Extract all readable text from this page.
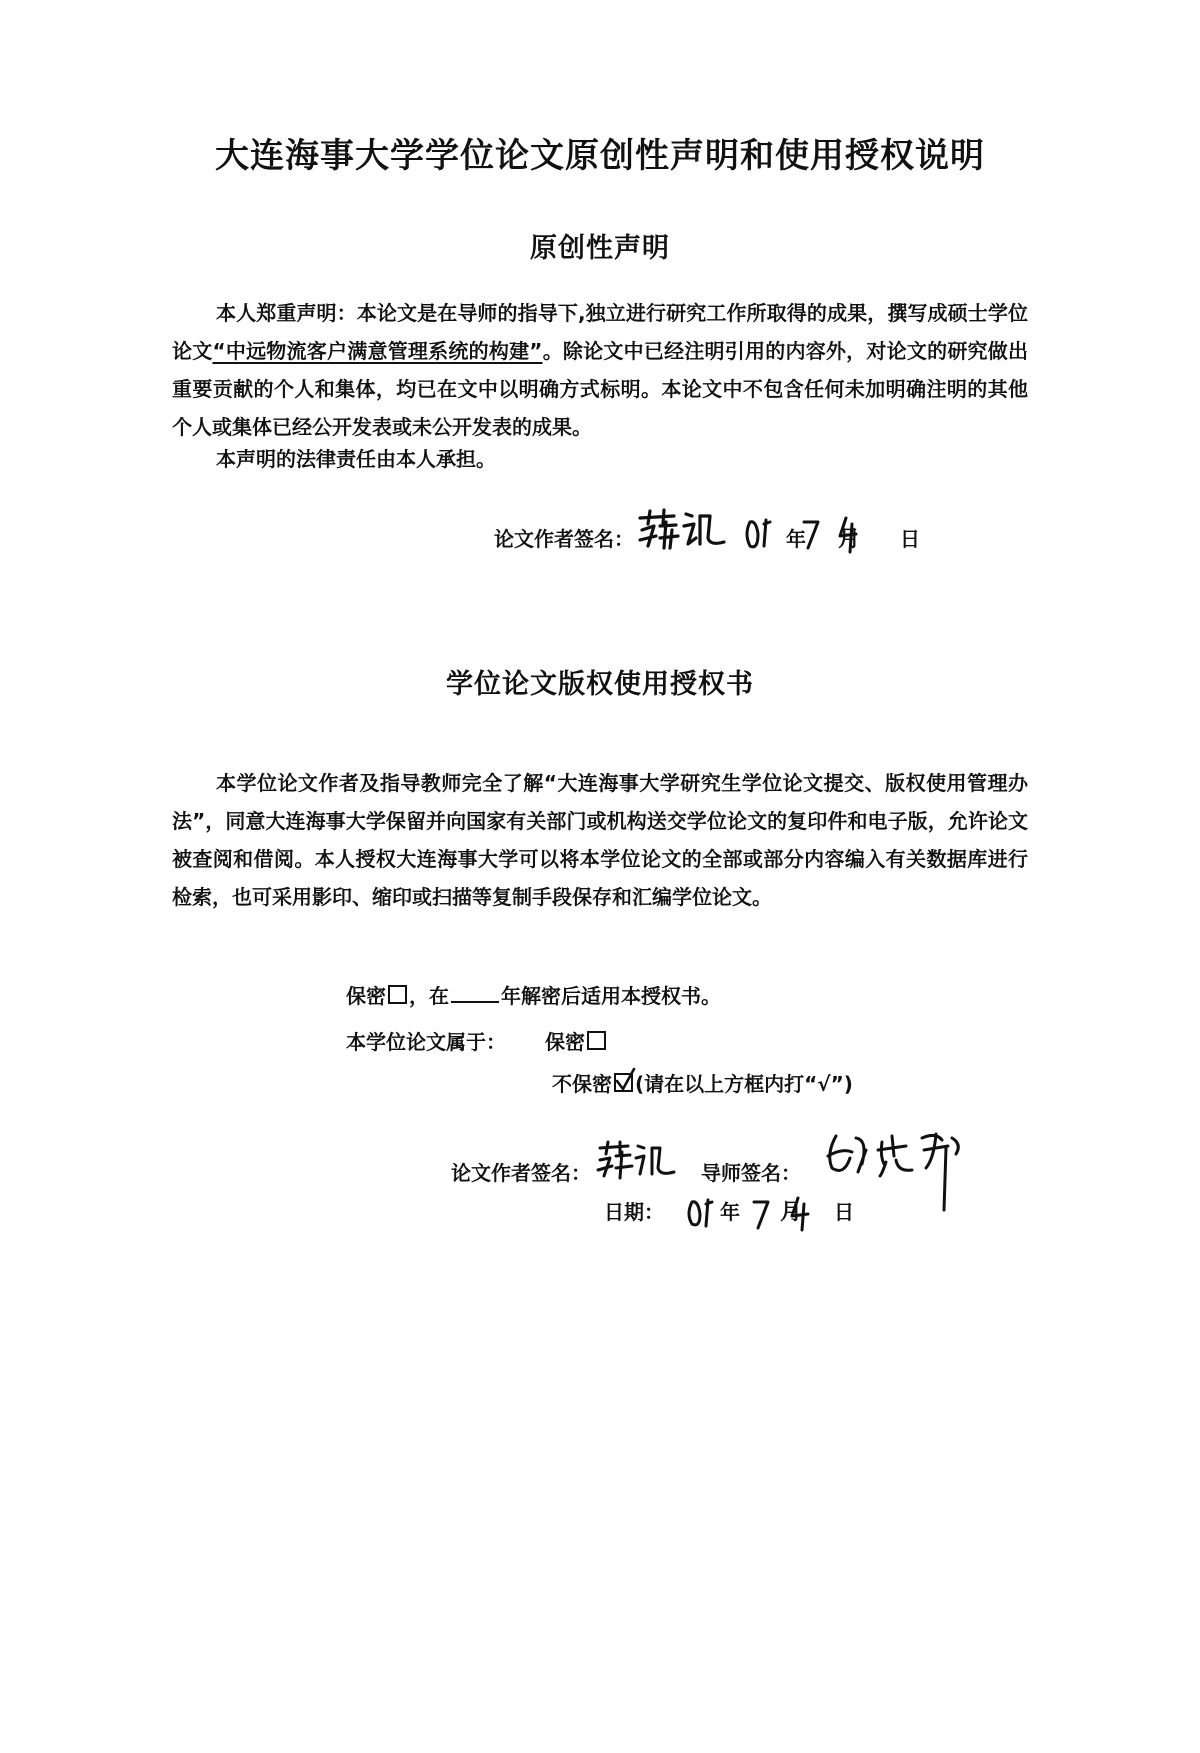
大连海事大学学位论文原创性声明和使用授权说明
原创性声明
本人郑重声明：本论文是在导师的指导下,独立进行研究工作所取得的成果，撰写成硕士学位论文“中远物流客户满意管理系统的构建”。除论文中已经注明引用的内容外，对论文的研究做出重要贡献的个人和集体，均已在文中以明确方式标明。本论文中不包含任何未加明确注明的其他个人或集体已经公开发表或未公开发表的成果。
本声明的法律责任由本人承担。
论文作者签名：	年 月 日
学位论文版权使用授权书
本学位论文作者及指导教师完全了解“大连海事大学研究生学位论文提交、版权使用管理办法”，同意大连海事大学保留并向国家有关部门或机构送交学位论文的复印件和电子版，允许论文被查阅和借阅。本人授权大连海事大学可以将本学位论文的全部或部分内容编入有关数据库进行检索，也可采用影印、缩印或扫描等复制手段保存和汇编学位论文。
保密 ，在	年解密后适用本授权书。
本学位论文属于： 保密
不保密 (请在以上方框内打“√”)
论文作者签名：	导师签名：
日期：	年 月 日
